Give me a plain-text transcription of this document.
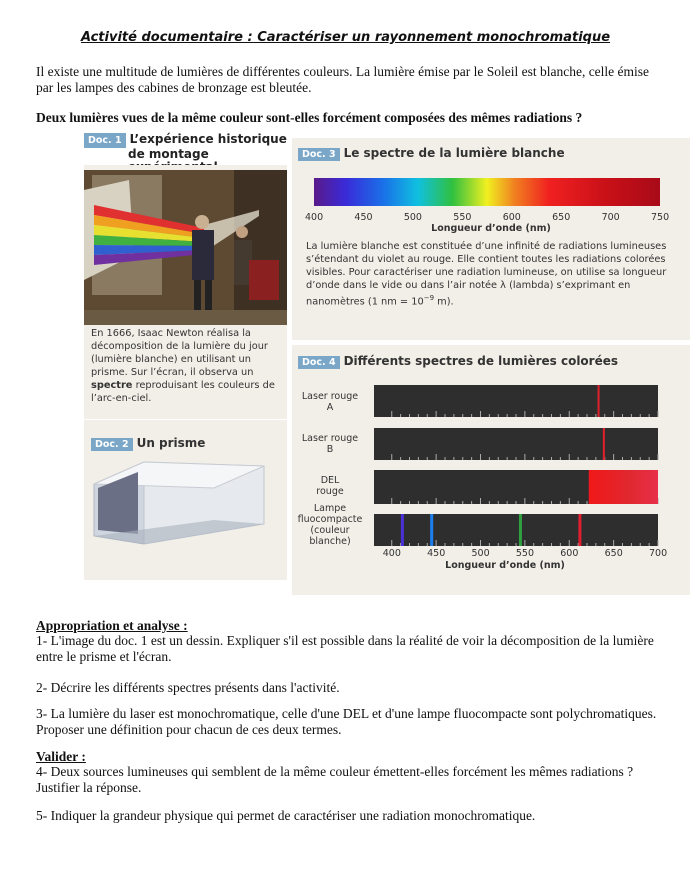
Activité documentaire : Caractériser un rayonnement monochromatique
Il existe une multitude de lumières de différentes couleurs. La lumière émise par le Soleil est blanche, celle émise par les lampes des cabines de bronzage est bleutée.
Deux lumières vues de la même couleur sont-elles forcément composées des mêmes radiations ?
Doc. 1 L’expérience historique
de montage
En 1666, Isaac Newton réalisa la décomposition de la lumière du jour (lumière blanche) en utilisant un prisme. Sur l’écran, il observa un spectre reproduisant les couleurs de l’arc-en-ciel.
Doc. 2 Un prisme
Doc. 3 Le spectre de la lumière blanche
400	450	500	550	600	650	700	750
Longueur d’onde (nm)
La lumière blanche est constituée d’une infinité de radiations lumineuses s’étendant du violet au rouge. Elle contient toutes les radiations colorées visibles. Pour caractériser une radiation lumineuse, on utilise sa longueur d’onde dans le vide ou dans l’air notée λ (lambda) s’exprimant en nanomètres (1 nm = $10^{-9}$ m).
Doc. 4 Différents spectres de lumières colorées
Laser rouge
A
Laser rouge
B
DEL
rouge
Lampe
fluocompacte
(couleur
blanche)
400	450	500	550	600	650	700
Longueur d’onde (nm)
Appropriation et analyse :
1- L'image du doc. 1 est un dessin. Expliquer s'il est possible dans la réalité de voir la décomposition de la lumière entre le prisme et l'écran.
2- Décrire les différents spectres présents dans l'activité.
3- La lumière du laser est monochromatique, celle d'une DEL et d'une lampe fluocompacte sont polychromatiques. Proposer une définition pour chacun de ces deux termes.
Valider :
4- Deux sources lumineuses qui semblent de la même couleur émettent-elles forcément les mêmes radiations ? Justifier la réponse.
5- Indiquer la grandeur physique qui permet de caractériser une radiation monochromatique.
